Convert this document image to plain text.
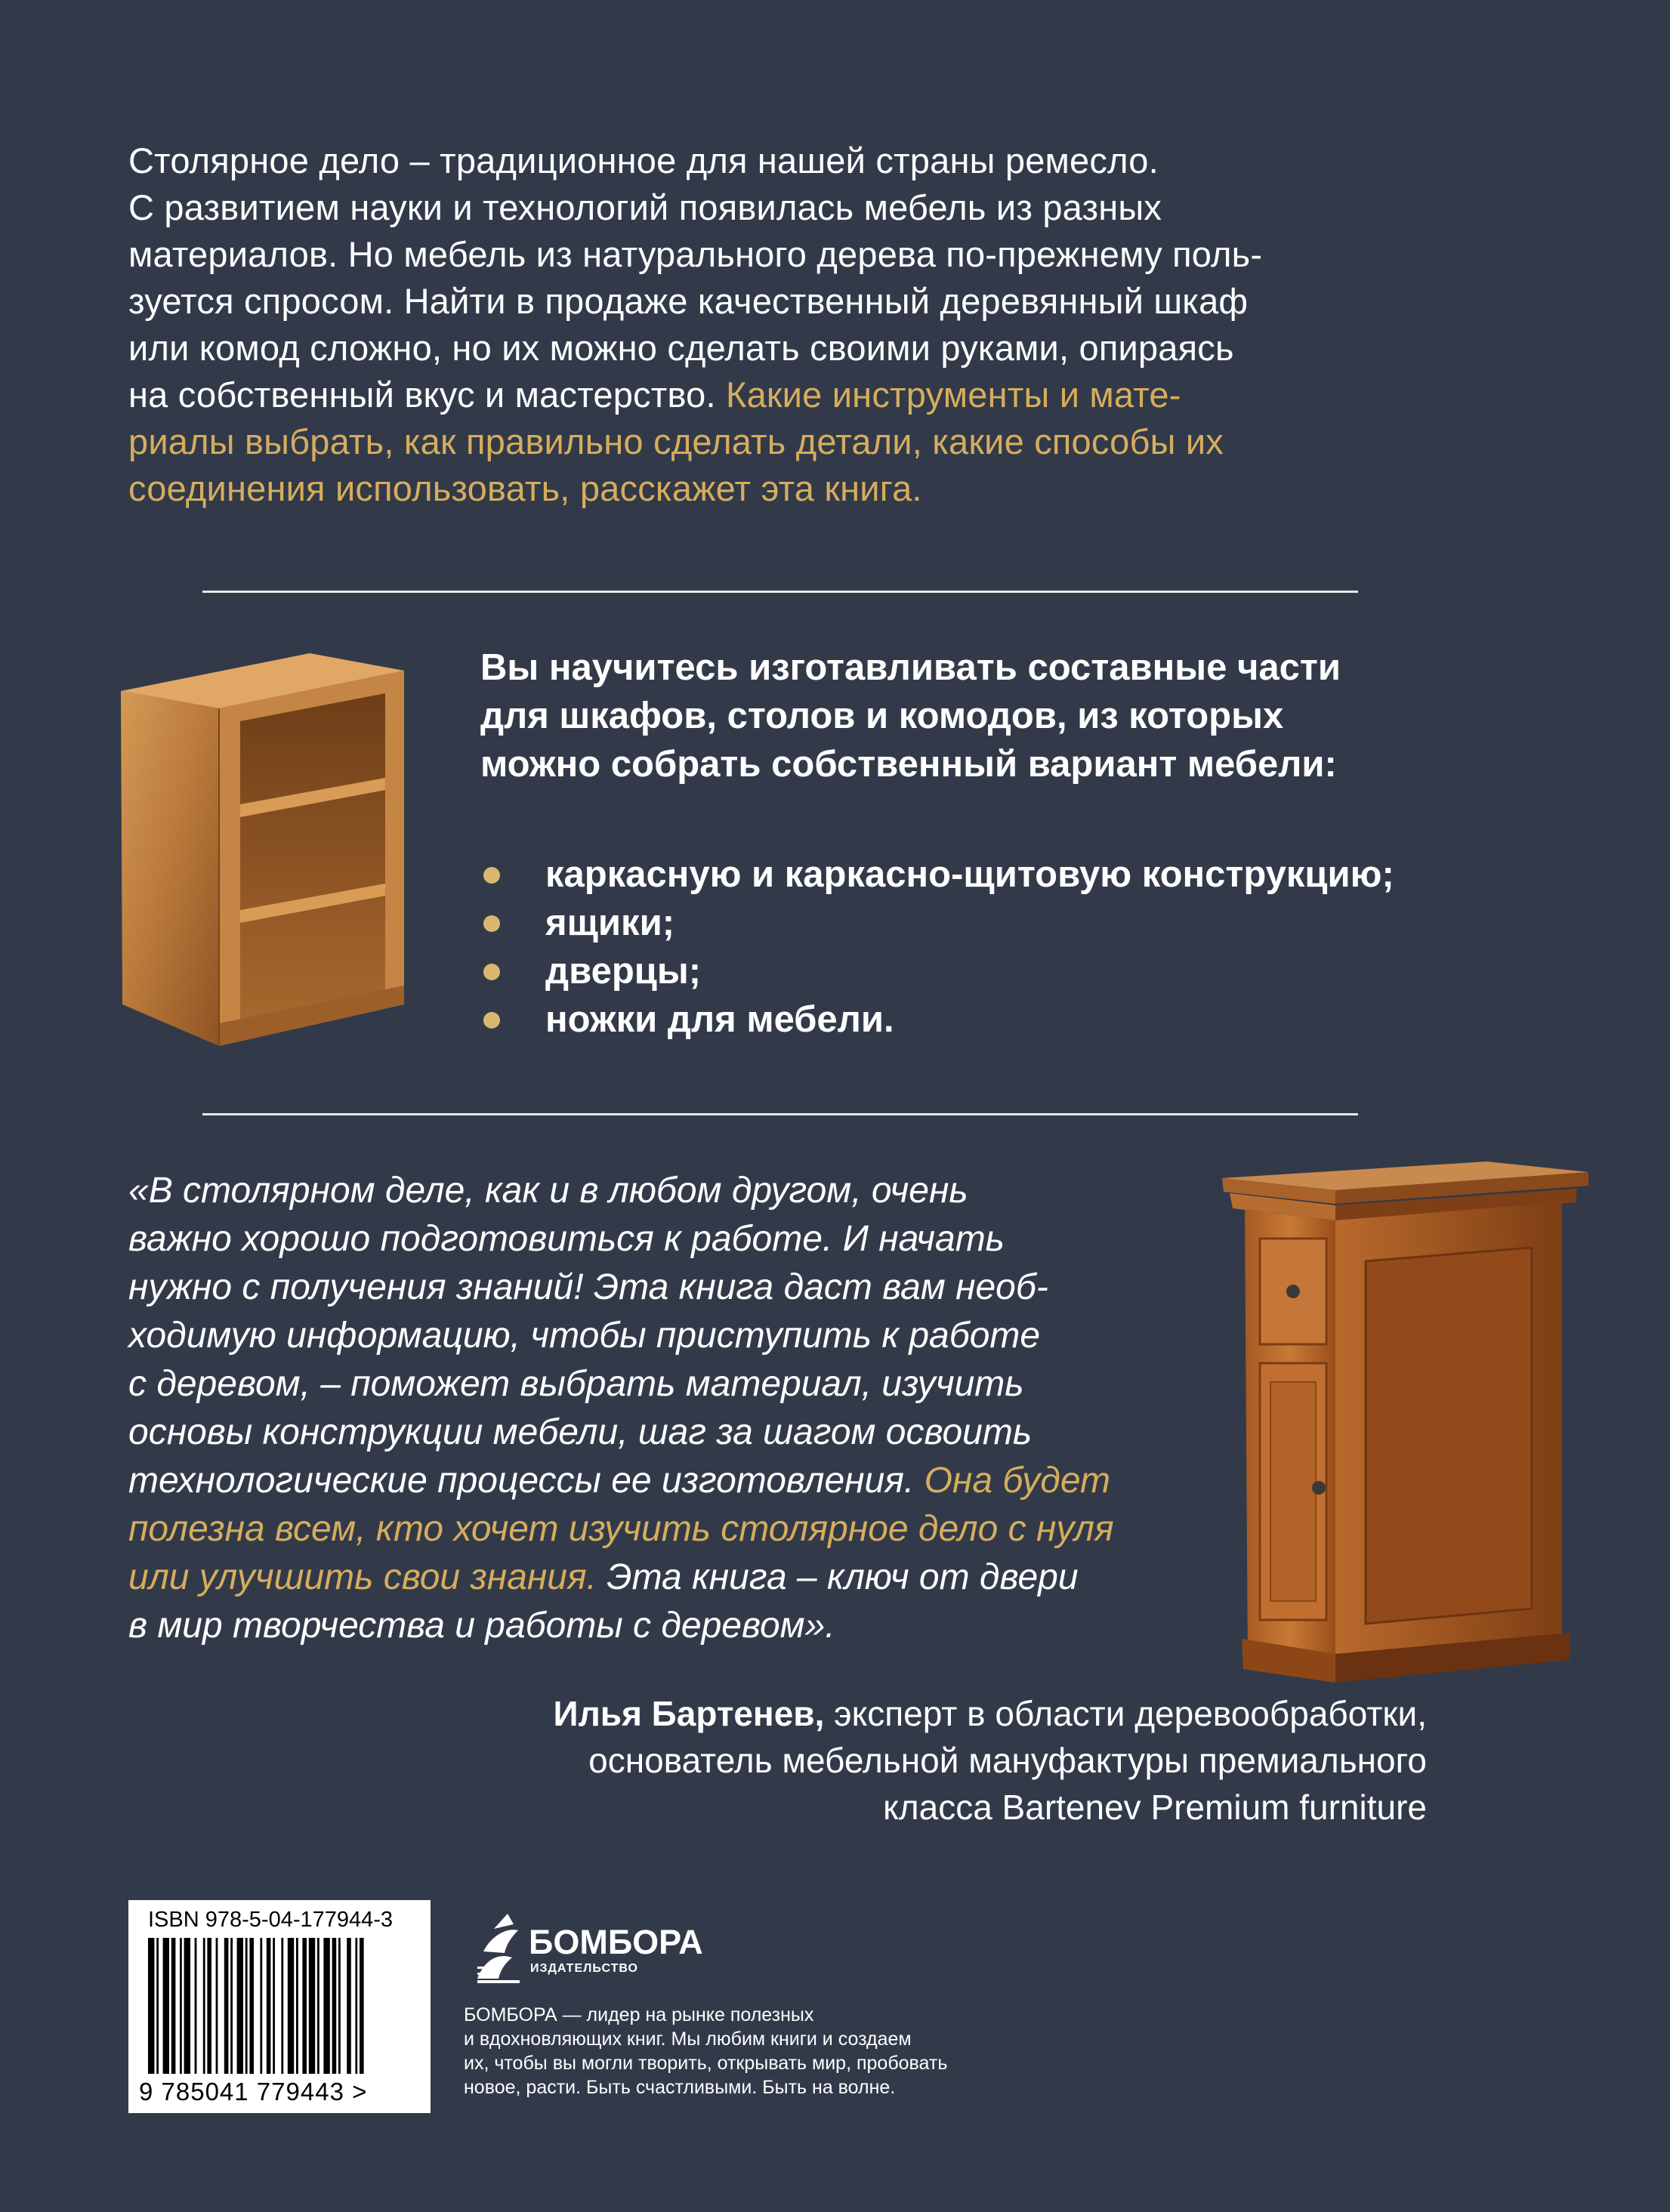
Столярное дело – традиционное для нашей страны ремесло.

С развитием науки и технологий появилась мебель из разных

материалов. Но мебель из натурального дерева по-прежнему поль-

зуется спросом. Найти в продаже качественный деревянный шкаф

или комод сложно, но их можно сделать своими руками, опираясь

на собственный вкус и мастерство. Какие инструменты и мате-

риалы выбрать, как правильно сделать детали, какие способы их

соединения использовать, расскажет эта книга.

Вы научитесь изготавливать составные части

для шкафов, столов и комодов, из которых

можно собрать собственный вариант мебели:

каркасную и каркасно-щитовую конструкцию;
ящики;
дверцы;
ножки для мебели.

«В столярном деле, как и в любом другом, очень

важно хорошо подготовиться к работе. И начать

нужно с получения знаний! Эта книга даст вам необ-

ходимую информацию, чтобы приступить к работе

с деревом, – поможет выбрать материал, изучить

основы конструкции мебели, шаг за шагом освоить

технологические процессы ее изготовления. Она будет

полезна всем, кто хочет изучить столярное дело с нуля

или улучшить свои знания. Эта книга – ключ от двери

в мир творчества и работы с деревом».

Илья Бартенев, эксперт в области деревообработки,

основатель мебельной мануфактуры премиального

класса Bartenev Premium furniture

ISBN 978-5-04-177944-3
9 785041 779443 >
БОМБОРА
ИЗДАТЕЛЬСТВО

БОМБОРА — лидер на рынке полезных

и вдохновляющих книг. Мы любим книги и создаем

их, чтобы вы могли творить, открывать мир, пробовать

новое, расти. Быть счастливыми. Быть на волне.
